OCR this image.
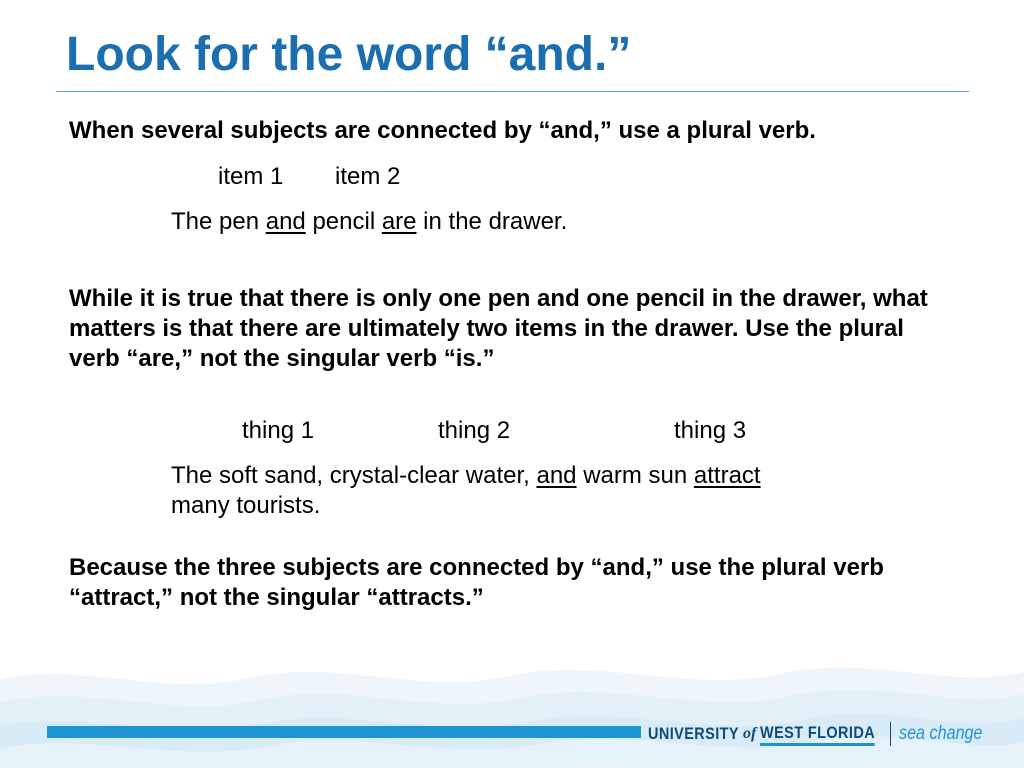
Look for the word “and.”

When several subjects are connected by “and,” use a plural verb.

item 1 item 2

The pen and pencil are in the drawer.

While it is true that there is only one pen and one pencil in the drawer, what matters is that there are ultimately two items in the drawer. Use the plural verb “are,” not the singular verb “is.”

thing 1	thing 2	thing 3

The soft sand, crystal-clear water, and warm sun attract

many tourists.

Because the three subjects are connected by “and,” use the plural verb “attract,” not the singular “attracts.”

UNIVERSITY of WEST FLORIDA sea change
